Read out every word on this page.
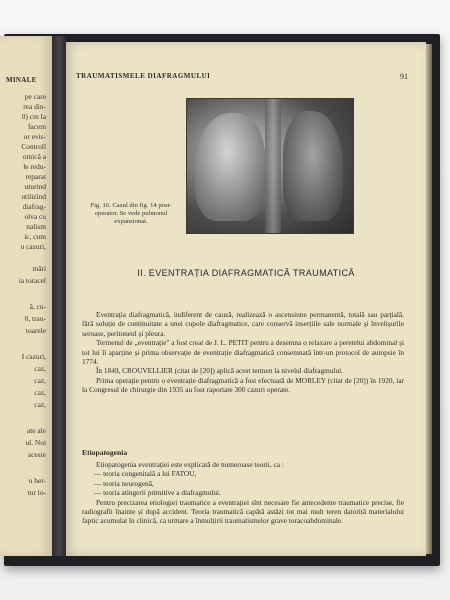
MINALE
pe care
rea din-
0) cm la
facem
or evis-
Controll
omică a
le redu-
reparat
uturind
utilizînd
diafrag-
olva cu
nalism
ic, cum
u cazuri,
mări
ia toracel
ă, cu-
0, trau-
toarele
I cazuri,
caz,
caz,
caz,
caz,
ate ale
ul. Noi
aceste
u her-
tur lo-
TRAUMATISMELE DIAFRAGMULUI	91
Fig. 16. Cazul din fig. 14 post-operator. Se vede pulmonul expansionat.
II. EVENTRAȚIA DIAFRAGMATICĂ TRAUMATICĂ
Eventrația diafragmatică, indiferent de cauză, realizează o ascensiune permanentă, totală sau parțială, fără soluție de continuitate a unei cupole diafragmatice, care conservă inserțiile sale normale și învelișurile seroase, peritoneul și pleura.
Termenul de „eventrație" a fost creat de J. L. PETIT pentru a desemna o relaxare a peretelui abdominal și tot lui îi aparține și prima observație de eventrație diafragmatică consemnată într-un protocol de autopsie în 1774.
În 1849, CROUVELLIER (citat de [20]) aplică acest termen la nivelul diafragmului.
Prima operație pentru o eventrație diafragmatică a fost efectuată de MORLEY (citat de [20]) în 1920, iar la Congresul de chirurgie din 1935 au fost raportate 300 cazuri operate.
Etiopatogenia
Etiopatogenia eventrației este explicată de numeroase teorii, ca :
— teoria congenitală a lui FATOU,
— teoria neurogenă,
— teoria atingerii primitive a diafragmului.
Pentru precizarea etiologiei traumatice a eventrației sînt necesare fie antecedente traumatice precise, fie radiografii înainte și după accident. Teoria traumatică capătă astăzi tot mai mult teren datorită materialului faptic acumulat în clinică, ca urmare a înmulțirii traumatismelor grave toracoabdominale.
